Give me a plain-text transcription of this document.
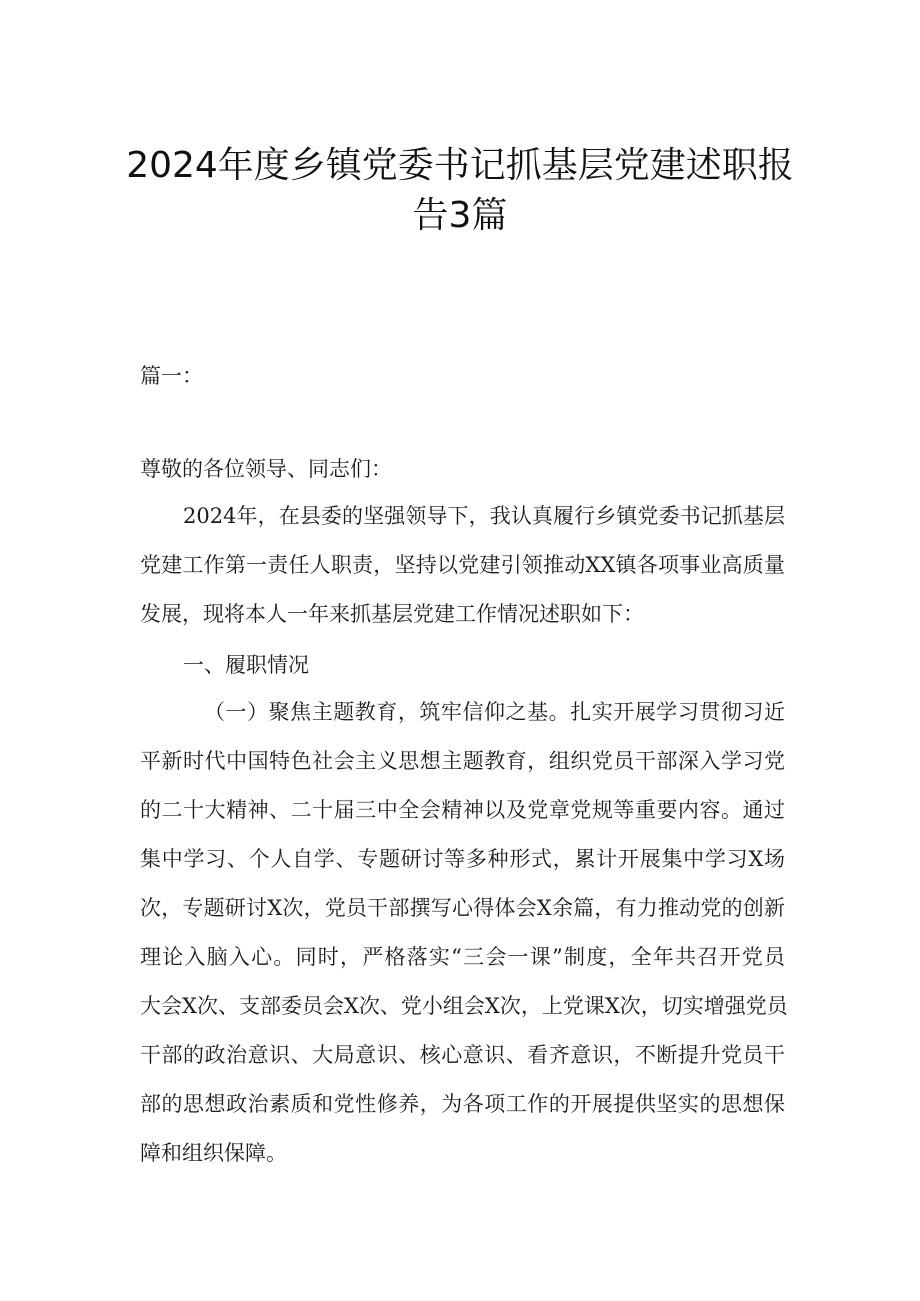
2024年度乡镇党委书记抓基层党建述职报
告3篇

篇一：

尊敬的各位领导、同志们：

2024年，在县委的坚强领导下，我认真履行乡镇党委书记抓基层

党建工作第一责任人职责，坚持以党建引领推动XX镇各项事业高质量

发展，现将本人一年来抓基层党建工作情况述职如下：

一、履职情况

（一）聚焦主题教育，筑牢信仰之基。扎实开展学习贯彻习近

平新时代中国特色社会主义思想主题教育，组织党员干部深入学习党

的二十大精神、二十届三中全会精神以及党章党规等重要内容。通过

集中学习、个人自学、专题研讨等多种形式，累计开展集中学习X场

次，专题研讨X次，党员干部撰写心得体会X余篇，有力推动党的创新

理论入脑入心。同时，严格落实“三会一课”制度，全年共召开党员

大会X次、支部委员会X次、党小组会X次，上党课X次，切实增强党员

干部的政治意识、大局意识、核心意识、看齐意识，不断提升党员干

部的思想政治素质和党性修养，为各项工作的开展提供坚实的思想保

障和组织保障。
